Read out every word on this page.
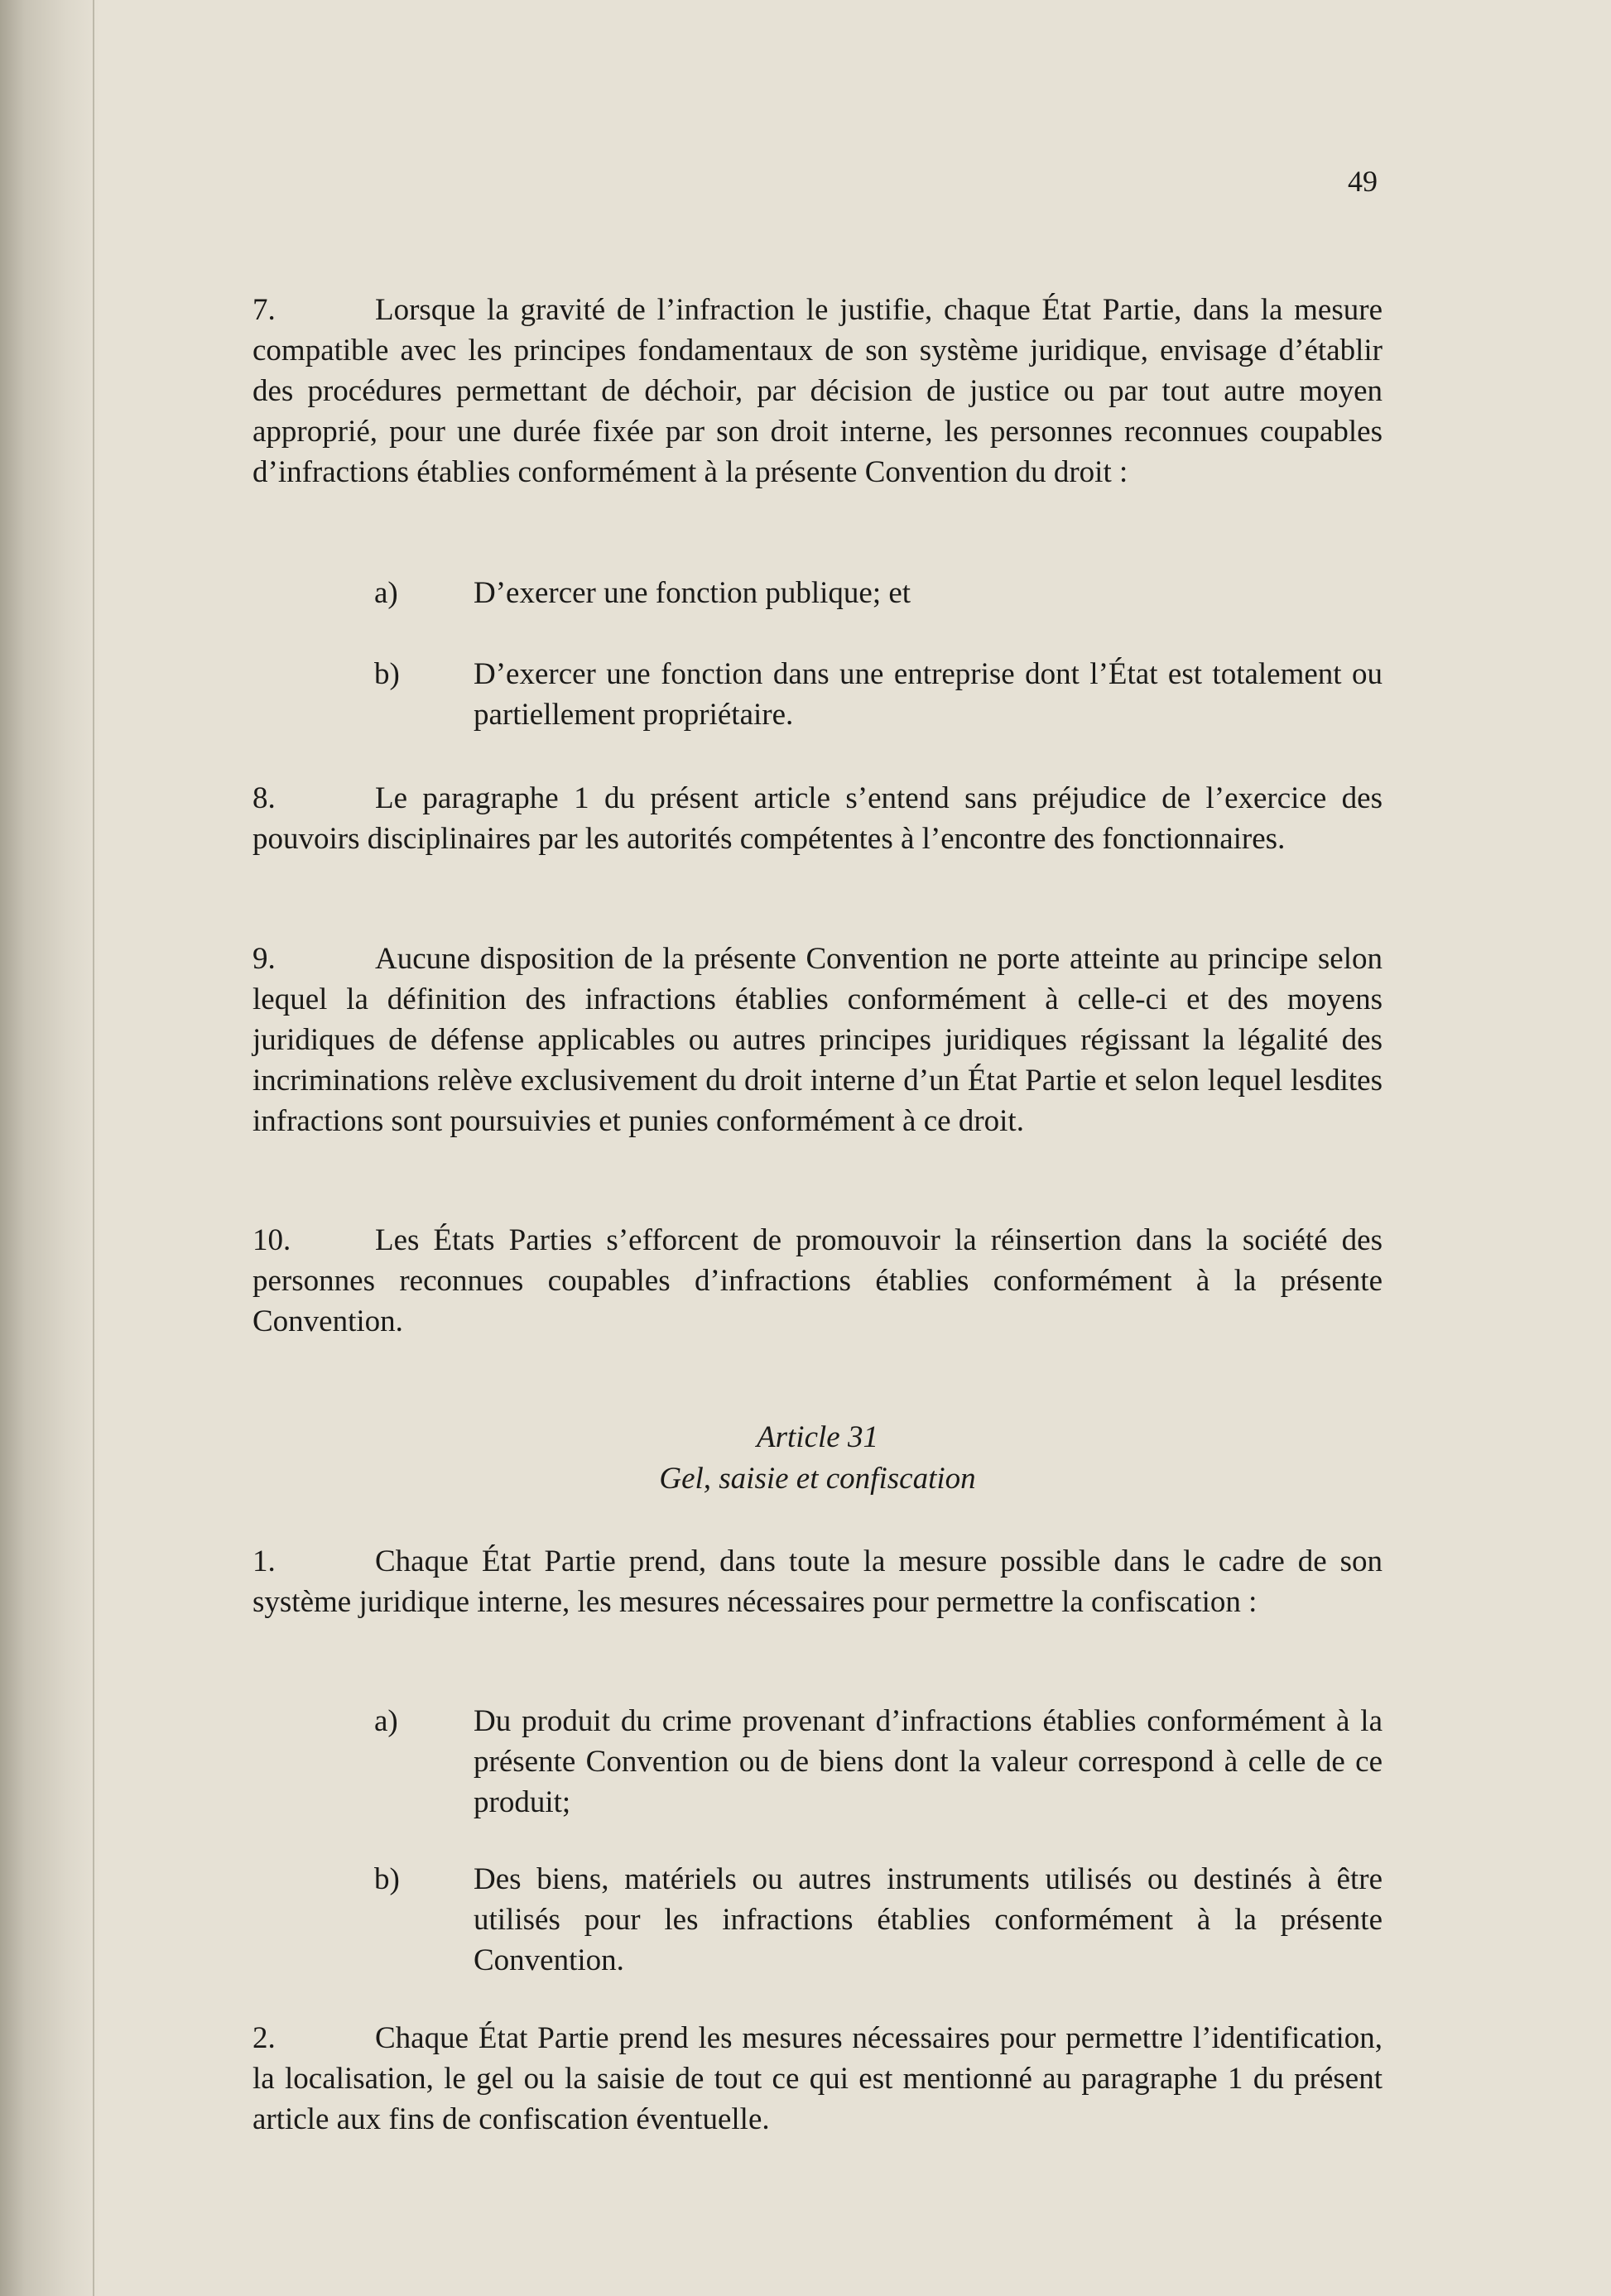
49

7.	Lorsque la gravité de l’infraction le justifie, chaque État Partie, dans la mesure compatible avec les principes fondamentaux de son système juridique, envisage d’établir des procédures permettant de déchoir, par décision de justice ou par tout autre moyen approprié, pour une durée fixée par son droit interne, les personnes reconnues coupables d’infractions établies conformément à la présente Convention du droit :

a) D’exercer une fonction publique; et
b) D’exercer une fonction dans une entreprise dont l’État est totalement ou partiellement propriétaire.

8.	Le paragraphe 1 du présent article s’entend sans préjudice de l’exercice des pouvoirs disciplinaires par les autorités compétentes à l’encontre des fonctionnaires.

9.	Aucune disposition de la présente Convention ne porte atteinte au principe selon lequel la définition des infractions établies conformément à celle-ci et des moyens juridiques de défense applicables ou autres principes juridiques régissant la légalité des incriminations relève exclusivement du droit interne d’un État Partie et selon lequel lesdites infractions sont poursuivies et punies conformément à ce droit.

10.	Les États Parties s’efforcent de promouvoir la réinsertion dans la société des personnes reconnues coupables d’infractions établies conformément à la présente Convention.

Article 31
Gel, saisie et confiscation

1.	Chaque État Partie prend, dans toute la mesure possible dans le cadre de son système juridique interne, les mesures nécessaires pour permettre la confiscation :

a) Du produit du crime provenant d’infractions établies conformément à la présente Convention ou de biens dont la valeur correspond à celle de ce produit;
b) Des biens, matériels ou autres instruments utilisés ou destinés à être utilisés pour les infractions établies conformément à la présente Convention.

2.	Chaque État Partie prend les mesures nécessaires pour permettre l’identification, la localisation, le gel ou la saisie de tout ce qui est mentionné au paragraphe 1 du présent article aux fins de confiscation éventuelle.
